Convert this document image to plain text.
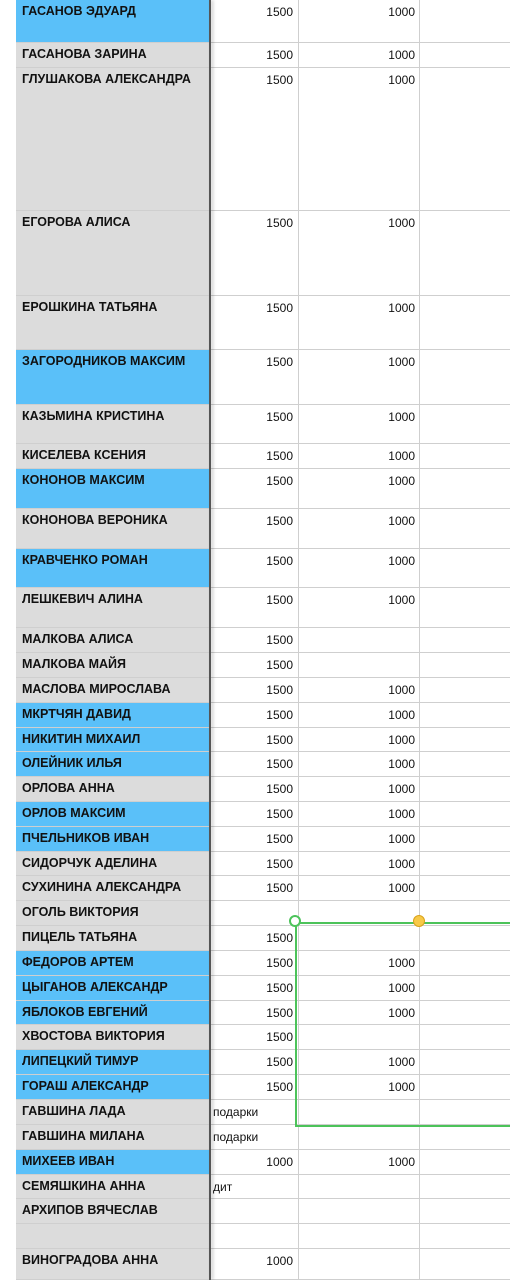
ГАСАНОВ ЭДУАРД	1500	1000
ГАСАНОВА ЗАРИНА	1500	1000
ГЛУШАКОВА АЛЕКСАНДРА	1500	1000
ЕГОРОВА АЛИСА	1500	1000
ЕРОШКИНА ТАТЬЯНА	1500	1000
ЗАГОРОДНИКОВ МАКСИМ	1500	1000
КАЗЬМИНА КРИСТИНА	1500	1000
КИСЕЛЕВА КСЕНИЯ	1500	1000
КОНОНОВ МАКСИМ	1500	1000
КОНОНОВА ВЕРОНИКА	1500	1000
КРАВЧЕНКО РОМАН	1500	1000
ЛЕШКЕВИЧ АЛИНА	1500	1000
МАЛКОВА АЛИСА	1500
МАЛКОВА МАЙЯ	1500
МАСЛОВА МИРОСЛАВА	1500	1000
МКРТЧЯН ДАВИД	1500	1000
НИКИТИН МИХАИЛ	1500	1000
ОЛЕЙНИК ИЛЬЯ	1500	1000
ОРЛОВА АННА	1500	1000
ОРЛОВ МАКСИМ	1500	1000
ПЧЕЛЬНИКОВ ИВАН	1500	1000
СИДОРЧУК АДЕЛИНА	1500	1000
СУХИНИНА АЛЕКСАНДРА	1500	1000
ОГОЛЬ ВИКТОРИЯ
ПИЦЕЛЬ ТАТЬЯНА	1500
ФЕДОРОВ АРТЕМ	1500	1000
ЦЫГАНОВ АЛЕКСАНДР	1500	1000
ЯБЛОКОВ ЕВГЕНИЙ	1500	1000
ХВОСТОВА ВИКТОРИЯ	1500
ЛИПЕЦКИЙ ТИМУР	1500	1000
ГОРАШ АЛЕКСАНДР	1500	1000
ГАВШИНА ЛАДА	подарки
ГАВШИНА МИЛАНА	подарки
МИХЕЕВ ИВАН	1000	1000
СЕМЯШКИНА АННА	дит
АРХИПОВ ВЯЧЕСЛАВ
ВИНОГРАДОВА АННА	1000
